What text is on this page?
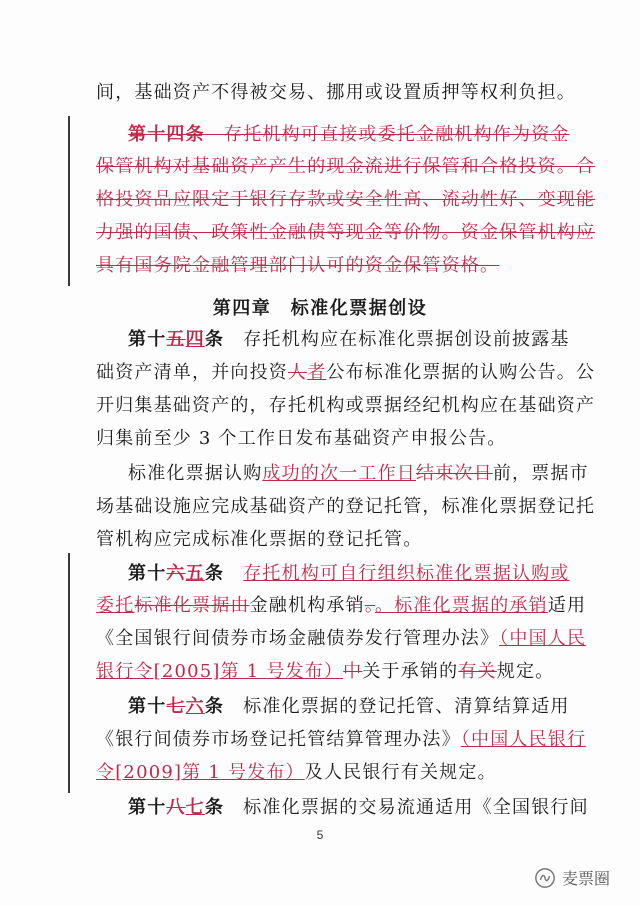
间，基础资产不得被交易、挪用或设置质押等权利负担。
第十四条　存托机构可直接或委托金融机构作为资金
保管机构对基础资产产生的现金流进行保管和合格投资。合
格投资品应限定于银行存款或安全性高、流动性好、变现能
力强的国债、政策性金融债等现金等价物。资金保管机构应
具有国务院金融管理部门认可的资金保管资格。
第十五四条　存托机构应在标准化票据创设前披露基
础资产清单，并向投资人者公布标准化票据的认购公告。公
开归集基础资产的，存托机构或票据经纪机构应在基础资产
归集前至少 3 个工作日发布基础资产申报公告。
标准化票据认购成功的次一工作日结束次日前，票据市
场基础设施应完成基础资产的登记托管，标准化票据登记托
管机构应完成标准化票据的登记托管。
第十六五条　 存托机构可自行组织标准化票据认购或
委托标准化票据由金融机构承销。。标准化票据的承销适用
《全国银行间债券市场金融债券发行管理办法》（中国人民
银行令[2005]第 1 号发布）中关于承销的有关规定。
第十七六条　标准化票据的登记托管、清算结算适用
《银行间债券市场登记托管结算管理办法》（中国人民银行
令[2009]第 1 号发布）及人民银行有关规定。
第十八七条　标准化票据的交易流通适用《全国银行间
第四章　标准化票据创设
5
麦票圈
